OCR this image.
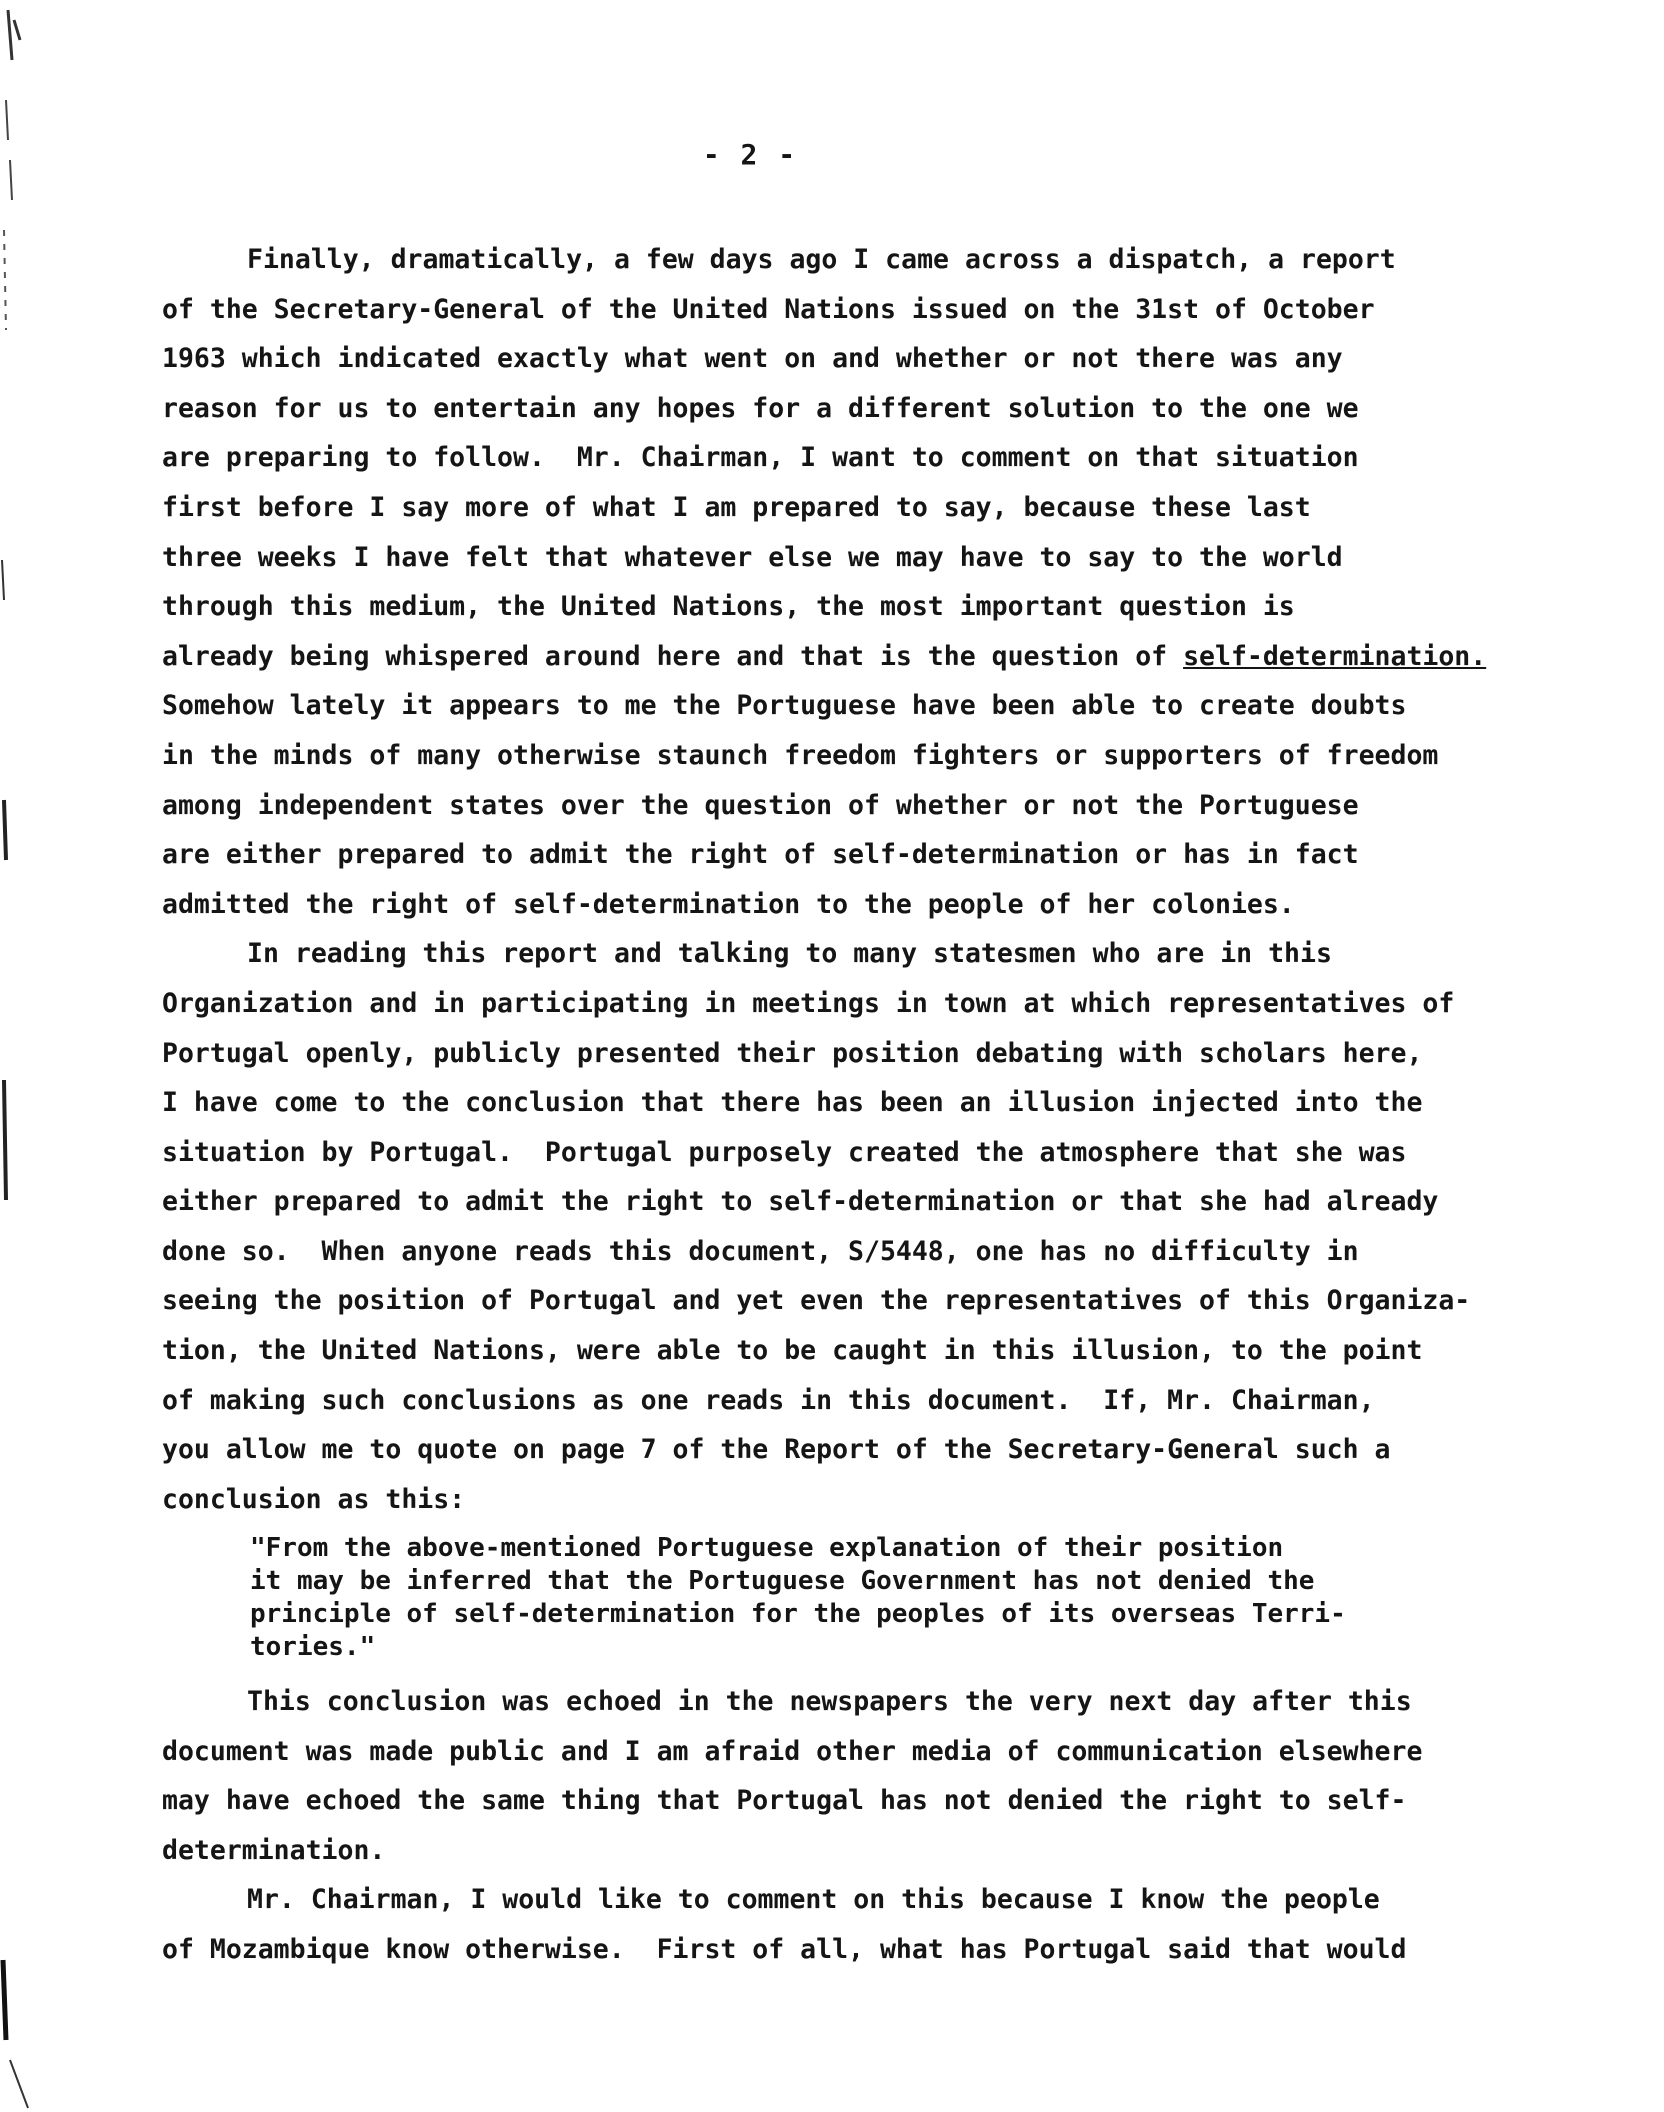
- 2 -
Finally, dramatically, a few days ago I came across a dispatch, a report
of the Secretary-General of the United Nations issued on the 31st of October
1963 which indicated exactly what went on and whether or not there was any
reason for us to entertain any hopes for a different solution to the one we
are preparing to follow.  Mr. Chairman, I want to comment on that situation
first before I say more of what I am prepared to say, because these last
three weeks I have felt that whatever else we may have to say to the world
through this medium, the United Nations, the most important question is
already being whispered around here and that is the question of self-determination.
Somehow lately it appears to me the Portuguese have been able to create doubts
in the minds of many otherwise staunch freedom fighters or supporters of freedom
among independent states over the question of whether or not the Portuguese
are either prepared to admit the right of self-determination or has in fact
admitted the right of self-determination to the people of her colonies.
In reading this report and talking to many statesmen who are in this
Organization and in participating in meetings in town at which representatives of
Portugal openly, publicly presented their position debating with scholars here,
I have come to the conclusion that there has been an illusion injected into the
situation by Portugal.  Portugal purposely created the atmosphere that she was
either prepared to admit the right to self-determination or that she had already
done so.  When anyone reads this document, S/5448, one has no difficulty in
seeing the position of Portugal and yet even the representatives of this Organiza-
tion, the United Nations, were able to be caught in this illusion, to the point
of making such conclusions as one reads in this document.  If, Mr. Chairman,
you allow me to quote on page 7 of the Report of the Secretary-General such a
conclusion as this:
"From the above-mentioned Portuguese explanation of their position
it may be inferred that the Portuguese Government has not denied the
principle of self-determination for the peoples of its overseas Terri-
tories."
This conclusion was echoed in the newspapers the very next day after this
document was made public and I am afraid other media of communication elsewhere
may have echoed the same thing that Portugal has not denied the right to self-
determination.
Mr. Chairman, I would like to comment on this because I know the people
of Mozambique know otherwise.  First of all, what has Portugal said that would
